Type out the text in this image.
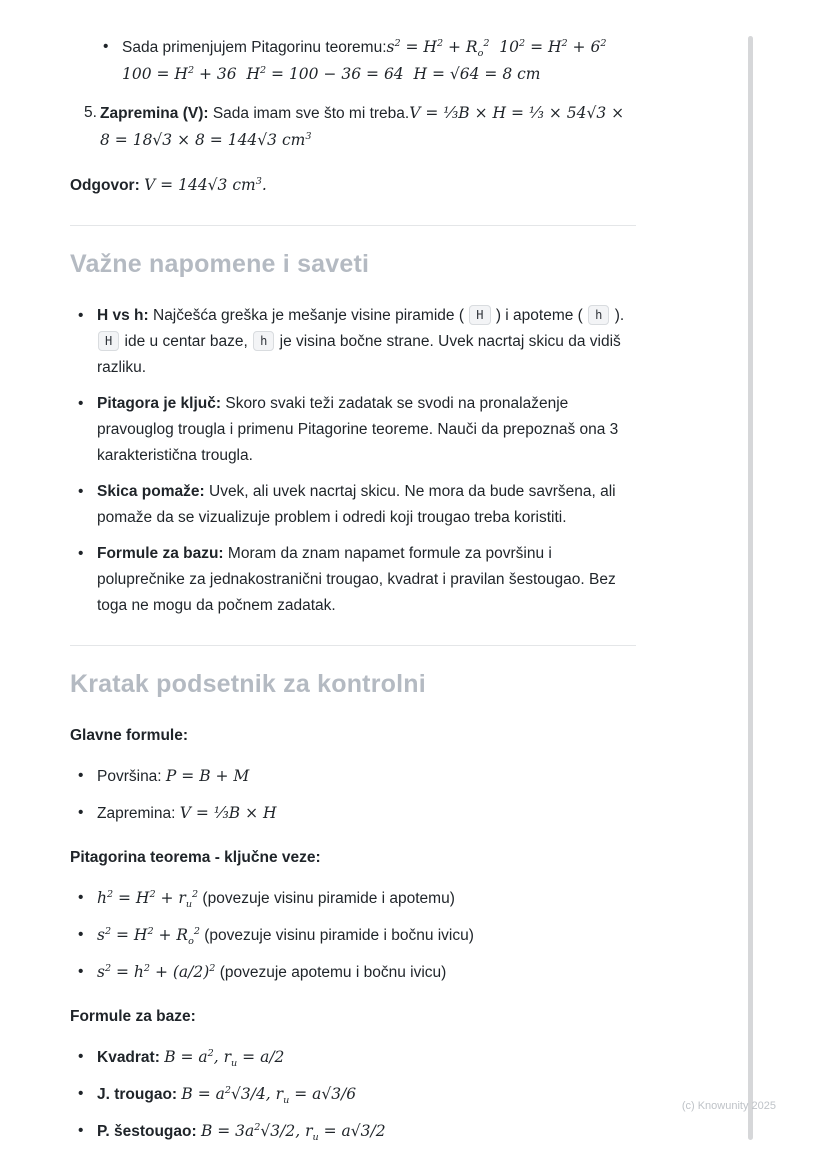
• Sada primenjujem Pitagorinu $teoremu:s^2 = H^2 + R_o^2$  $10^2 = H^2 + 6^2$  $100 = H^2 + 36$  $H^2 = 100 - 36 = 64$  H = √64 = 8 cm
5. Zapremina (V): Sada imam sve što mi treba.V = ⅓B × H = ⅓ × 54√3 × 8 = 18√3 × 8 = 144√3 $cm^3$
Odgovor: V = 144√3 $cm^3$.
Važne napomene i saveti
• H vs h: Najčešća greška je mešanje visine piramide ( H ) i apoteme ( h ). H ide u centar baze, h je visina bočne strane. Uvek nacrtaj skicu da vidiš razliku.
• Pitagora je ključ: Skoro svaki teži zadatak se svodi na pronalaženje pravouglog trougla i primenu Pitagorine teoreme. Nauči da prepoznaš ona 3 karakteristična trougla.
• Skica pomaže: Uvek, ali uvek nacrtaj skicu. Ne mora da bude savršena, ali pomaže da se vizualizuje problem i odredi koji trougao treba koristiti.
• Formule za bazu: Moram da znam napamet formule za površinu i poluprečnike za jednakostranični trougao, kvadrat i pravilan šestougao. Bez toga ne mogu da počnem zadatak.
Kratak podsetnik za kontrolni
Glavne formule:
• Površina: P = B + M
• Zapremina: V = ⅓B × H
Pitagorina teorema - ključne veze:
• $h^2 = H^2 + r_u^2$ (povezuje visinu piramide i apotemu)
• $s^2 = H^2 + R_o^2$ (povezuje visinu piramide i bočnu ivicu)
• $s^2 = h^2 + (a/2)^2$ (povezuje apotemu i bočnu ivicu)
Formule za baze:
• Kvadrat: $B = a^2$, $r_u = a/2$
• J. trougao: $B = a^2√3/4$, $r_u = a√3/6$
• P. šestougao: $B = 3a^2√3/2$, $r_u = a√3/2$
(c) Knowunity 2025
